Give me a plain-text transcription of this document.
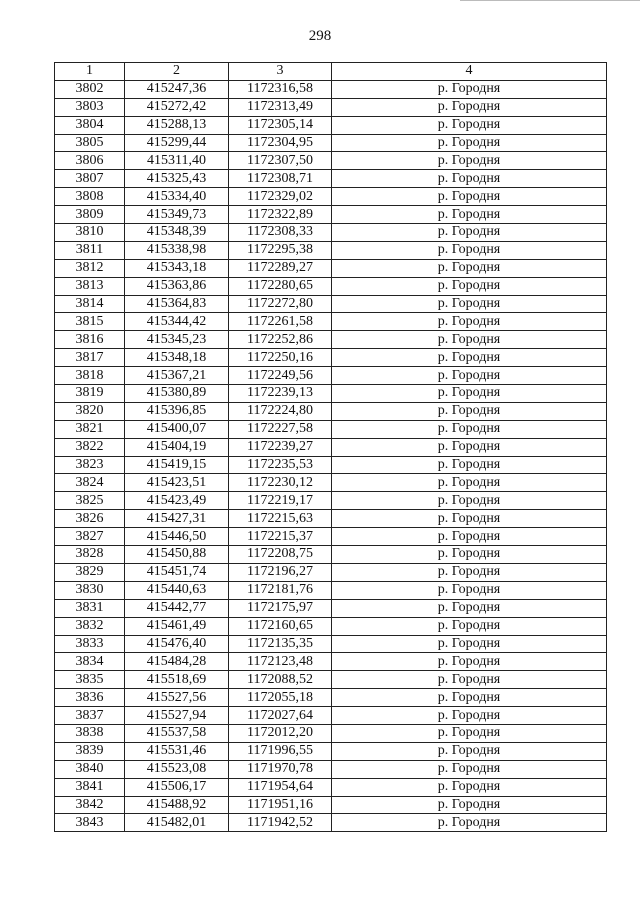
298
1	2	3	4
3802	415247,36	1172316,58	р. Городня
3803	415272,42	1172313,49	р. Городня
3804	415288,13	1172305,14	р. Городня
3805	415299,44	1172304,95	р. Городня
3806	415311,40	1172307,50	р. Городня
3807	415325,43	1172308,71	р. Городня
3808	415334,40	1172329,02	р. Городня
3809	415349,73	1172322,89	р. Городня
3810	415348,39	1172308,33	р. Городня
3811	415338,98	1172295,38	р. Городня
3812	415343,18	1172289,27	р. Городня
3813	415363,86	1172280,65	р. Городня
3814	415364,83	1172272,80	р. Городня
3815	415344,42	1172261,58	р. Городня
3816	415345,23	1172252,86	р. Городня
3817	415348,18	1172250,16	р. Городня
3818	415367,21	1172249,56	р. Городня
3819	415380,89	1172239,13	р. Городня
3820	415396,85	1172224,80	р. Городня
3821	415400,07	1172227,58	р. Городня
3822	415404,19	1172239,27	р. Городня
3823	415419,15	1172235,53	р. Городня
3824	415423,51	1172230,12	р. Городня
3825	415423,49	1172219,17	р. Городня
3826	415427,31	1172215,63	р. Городня
3827	415446,50	1172215,37	р. Городня
3828	415450,88	1172208,75	р. Городня
3829	415451,74	1172196,27	р. Городня
3830	415440,63	1172181,76	р. Городня
3831	415442,77	1172175,97	р. Городня
3832	415461,49	1172160,65	р. Городня
3833	415476,40	1172135,35	р. Городня
3834	415484,28	1172123,48	р. Городня
3835	415518,69	1172088,52	р. Городня
3836	415527,56	1172055,18	р. Городня
3837	415527,94	1172027,64	р. Городня
3838	415537,58	1172012,20	р. Городня
3839	415531,46	1171996,55	р. Городня
3840	415523,08	1171970,78	р. Городня
3841	415506,17	1171954,64	р. Городня
3842	415488,92	1171951,16	р. Городня
3843	415482,01	1171942,52	р. Городня
